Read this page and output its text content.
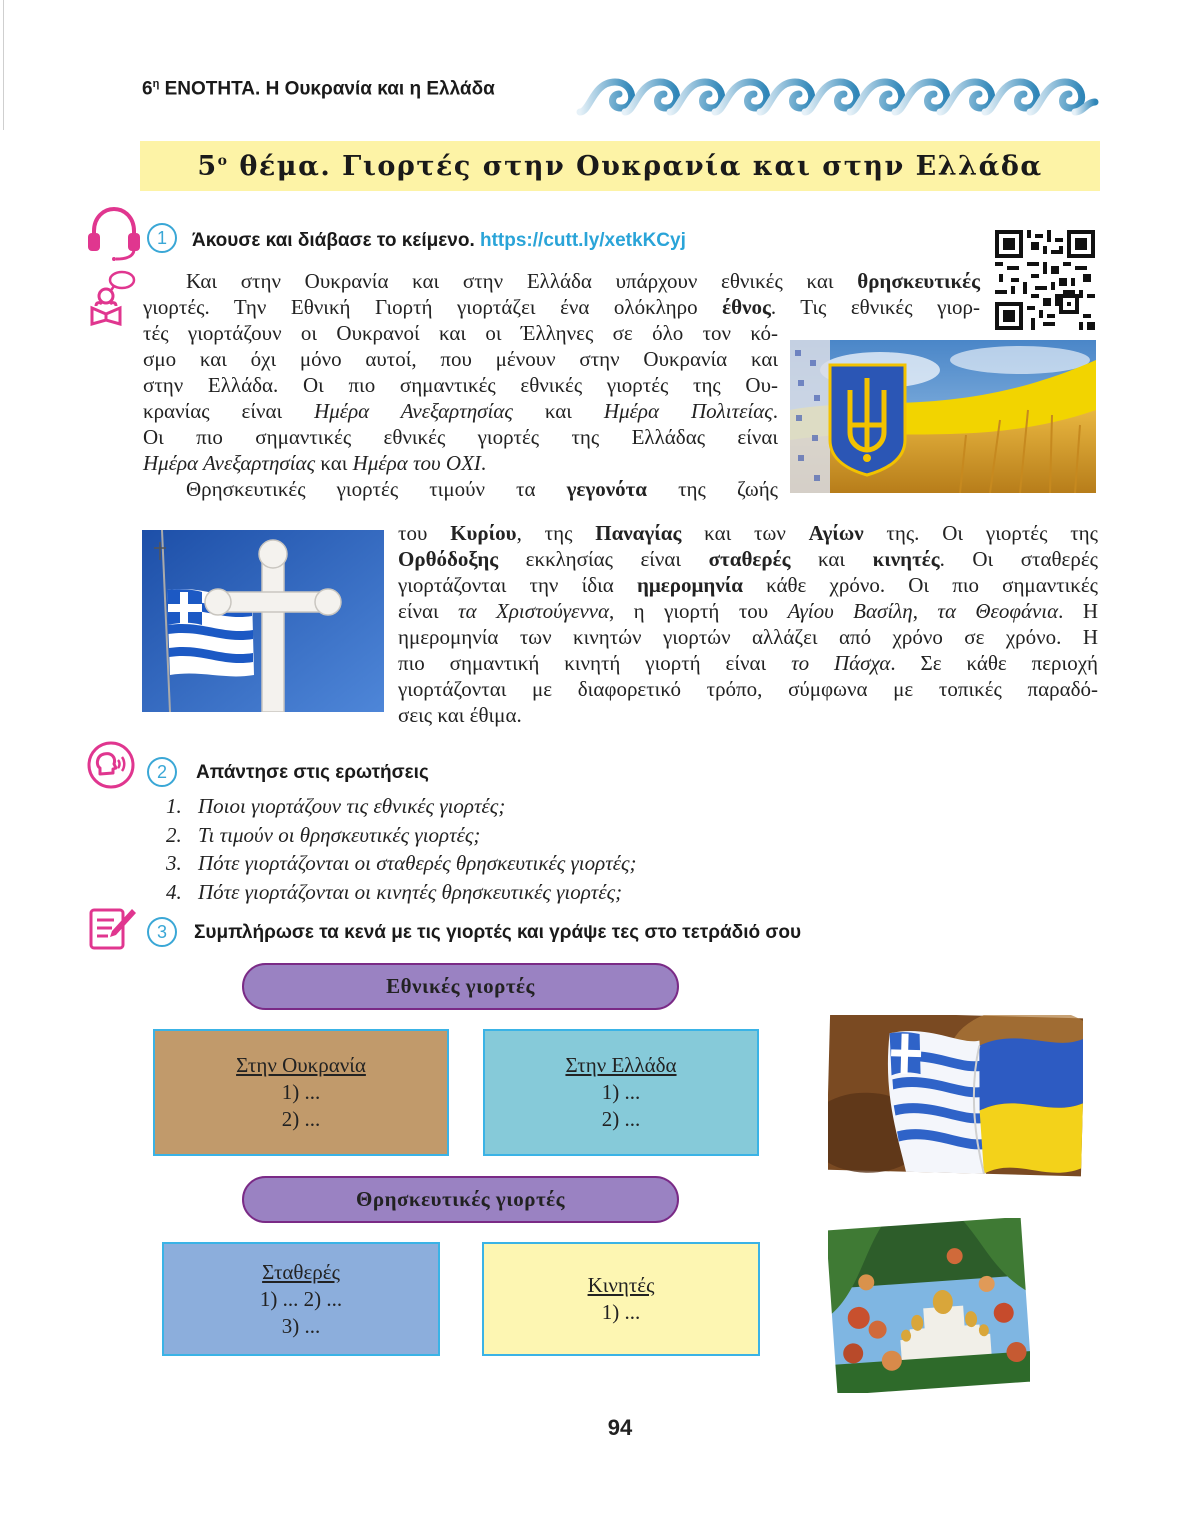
$6^\eta$ ΕΝΟΤΗΤΑ. Η Ουκρανία και η Ελλάδα
$5^o$ θέμα. Γιορτές στην Ουκρανία και στην Ελλάδα
1	Άκουσε και διάβασε το κείμενο. https://cutt.ly/xetkKCyj
Και στην Ουκρανία και στην Ελλάδα υπάρχουν εθνικές και θρησκευτικές
γιορτές. Την Εθνική Γιορτή γιορτάζει ένα ολόκληρο έθνος. Τις εθνικές γιορ-
τές γιορτάζουν οι Ουκρανοί και οι Έλληνες σε όλο τον κό-
σμο και όχι μόνο αυτοί, που μένουν στην Ουκρανία και
στην Ελλάδα. Οι πιο σημαντικές εθνικές γιορτές της Ου-
κρανίας είναι Ημέρα Ανεξαρτησίας και Ημέρα Πολιτείας.
Οι πιο σημαντικές εθνικές γιορτές της Ελλάδας είναι
Ημέρα Ανεξαρτησίας και Ημέρα του ΟΧΙ.
Θρησκευτικές γιορτές τιμούν τα γεγονότα της ζωής
του Κυρίου, της Παναγίας και των Αγίων της. Οι γιορτές της
Ορθόδοξης εκκλησίας είναι σταθερές και κινητές. Οι σταθερές
γιορτάζονται την ίδια ημερομηνία κάθε χρόνο. Οι πιο σημαντικές
είναι τα Χριστούγεννα, η γιορτή του Αγίου Βασίλη, τα Θεοφάνια. Η
ημερομηνία των κινητών γιορτών αλλάζει από χρόνο σε χρόνο. Η
πιο σημαντική κινητή γιορτή είναι το Πάσχα. Σε κάθε περιοχή
γιορτάζονται με διαφορετικό τρόπο, σύμφωνα με τοπικές παραδό-
σεις και έθιμα.
2	Απάντησε στις ερωτήσεις
1. Ποιοι γιορτάζουν τις εθνικές γιορτές;
2. Τι τιμούν οι θρησκευτικές γιορτές;
3. Πότε γιορτάζονται οι σταθερές θρησκευτικές γιορτές;
4. Πότε γιορτάζονται οι κινητές θρησκευτικές γιορτές;
3	Συμπλήρωσε τα κενά με τις γιορτές και γράψε τες στο τετράδιό σου
Εθνικές γιορτές
Στην Ουκρανία
1) ...
2) ...
Στην Ελλάδα
1) ...
2) ...
Θρησκευτικές γιορτές
Σταθερές
1) ... 2) ...
3) ...
Κινητές
1) ...
94
